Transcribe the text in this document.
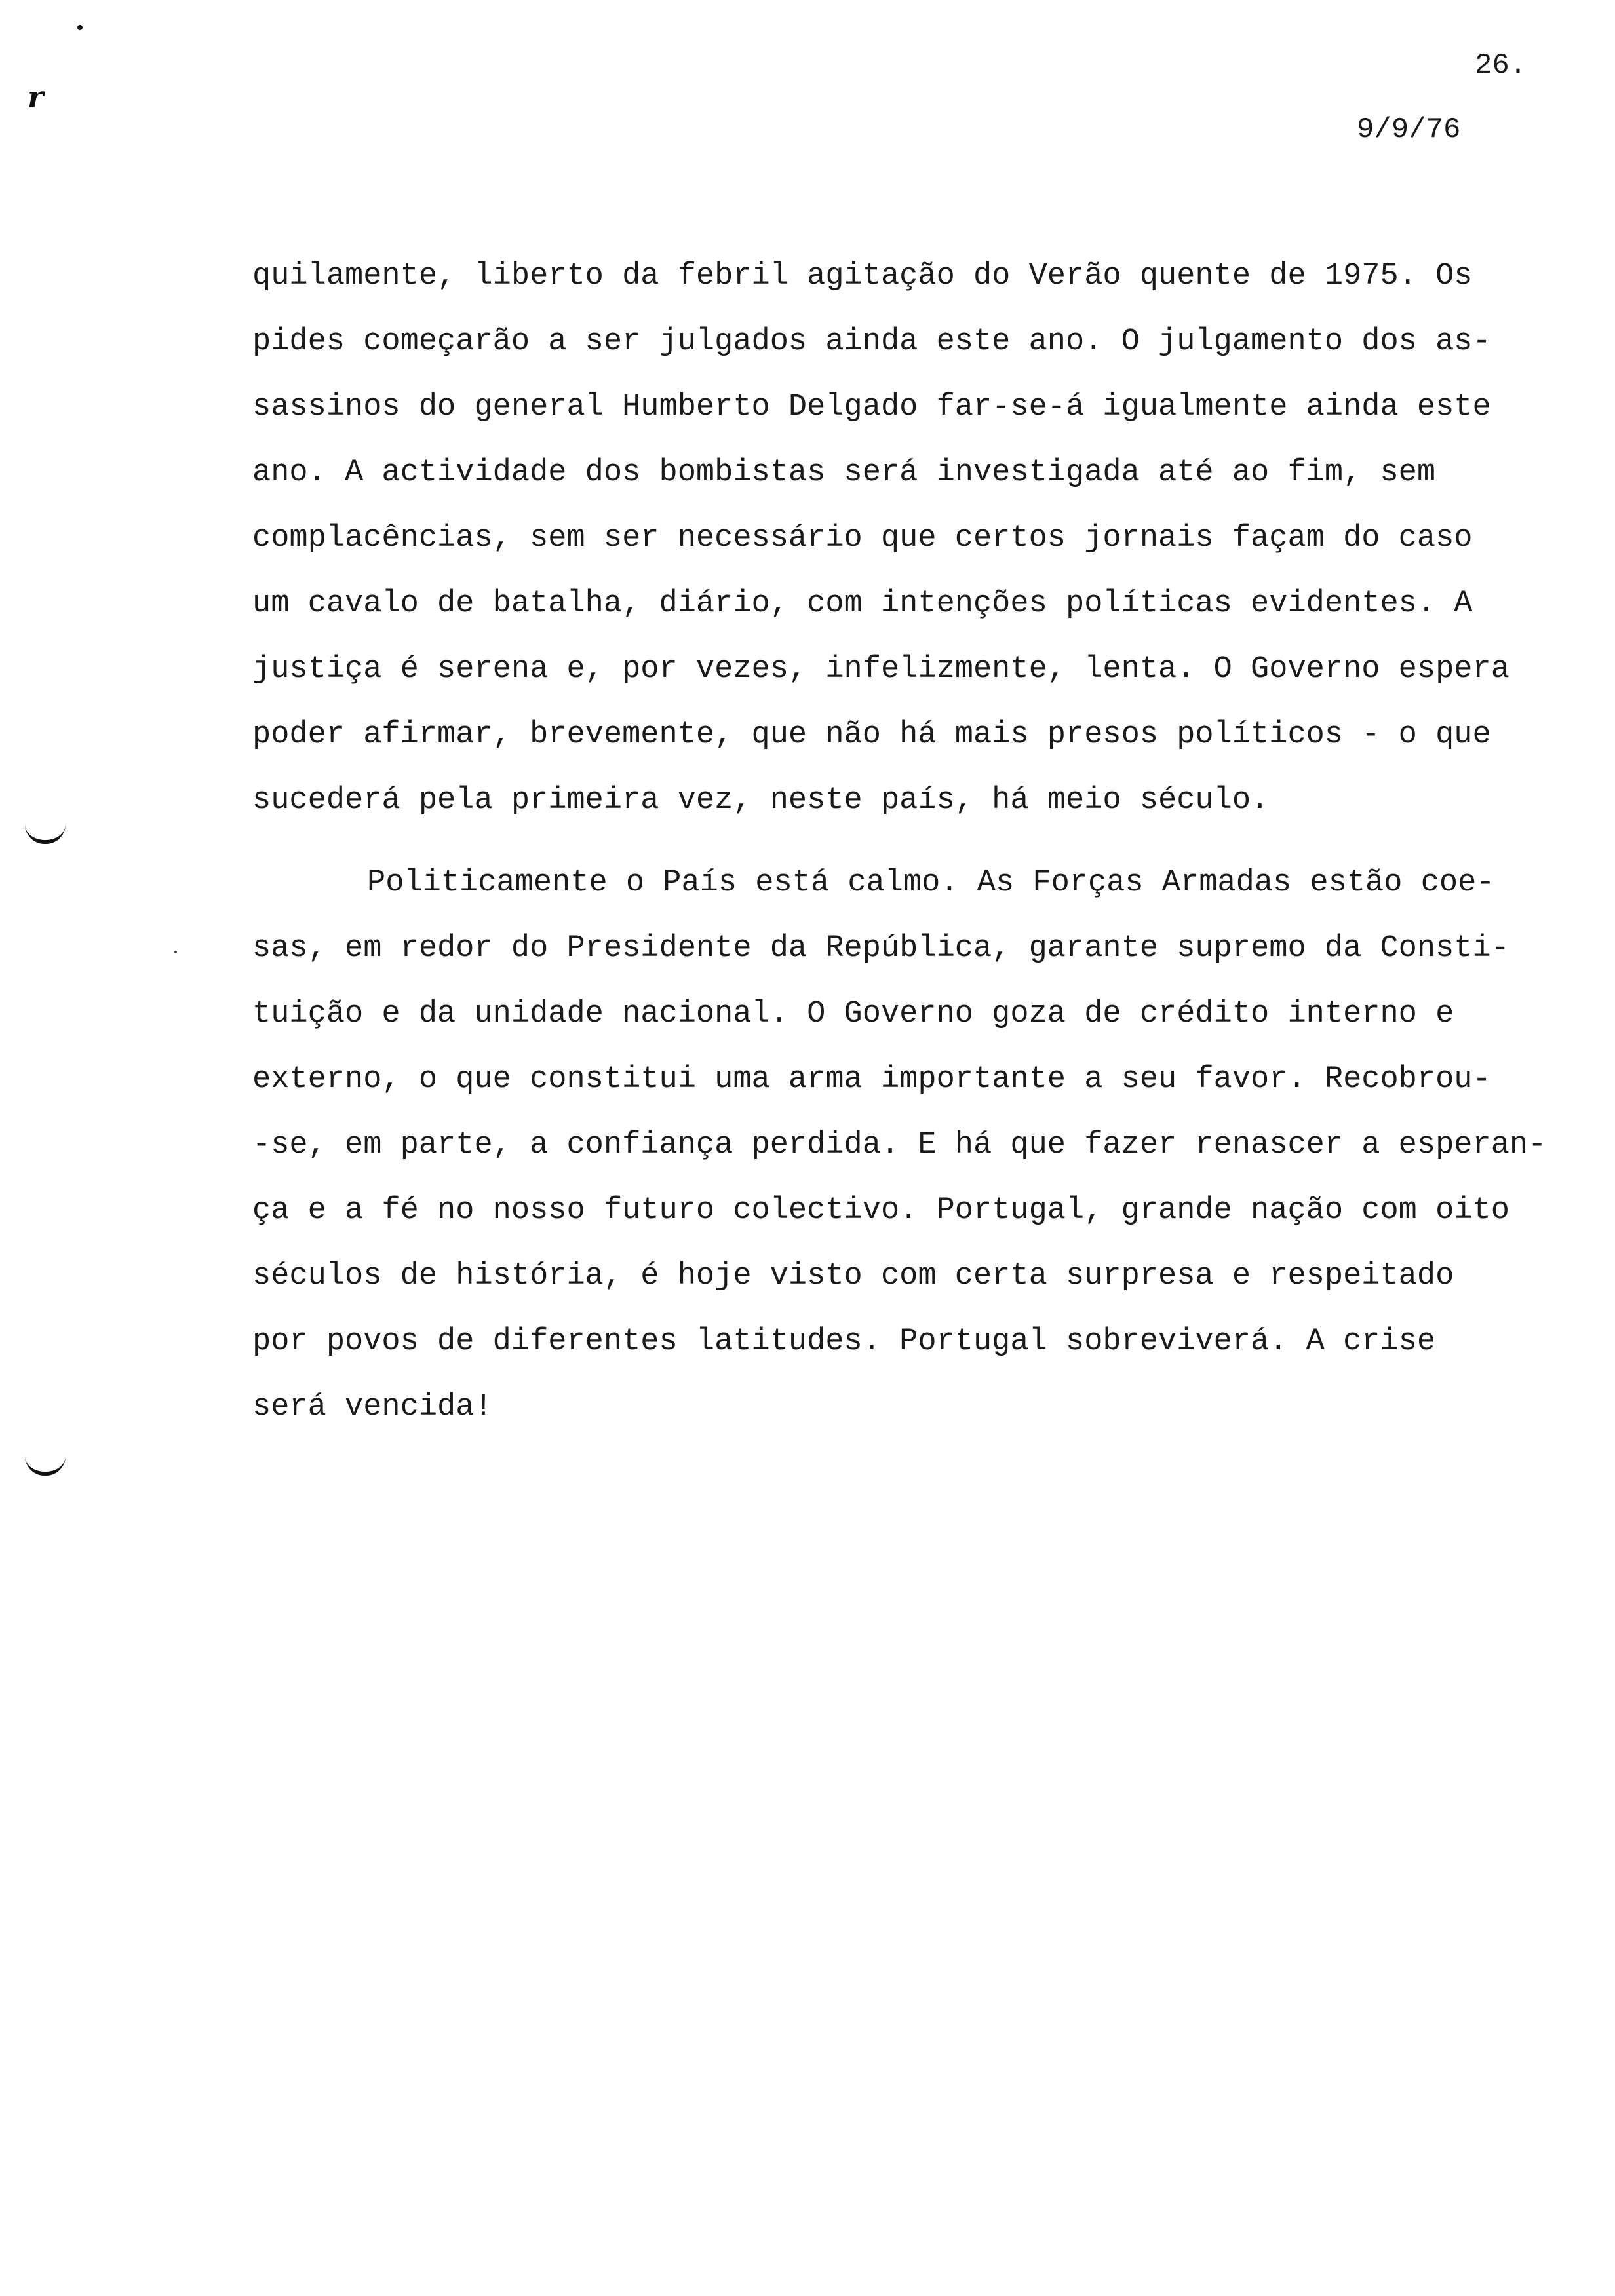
r
26.
9/9/76
quilamente, liberto da febril agitação do Verão quente de 1975. Os
pides começarão a ser julgados ainda este ano. O julgamento dos as-
sassinos do general Humberto Delgado far-se-á igualmente ainda este
ano. A actividade dos bombistas será investigada até ao fim, sem
complacências, sem ser necessário que certos jornais façam do caso
um cavalo de batalha, diário, com intenções políticas evidentes. A
justiça é serena e, por vezes, infelizmente, lenta. O Governo espera
poder afirmar, brevemente, que não há mais presos políticos - o que
sucederá pela primeira vez, neste país, há meio século.
Politicamente o País está calmo. As Forças Armadas estão coe-
sas, em redor do Presidente da República, garante supremo da Consti-
tuição e da unidade nacional. O Governo goza de crédito interno e
externo, o que constitui uma arma importante a seu favor. Recobrou-
-se, em parte, a confiança perdida. E há que fazer renascer a esperan-
ça e a fé no nosso futuro colectivo. Portugal, grande nação com oito
séculos de história, é hoje visto com certa surpresa e respeitado
por povos de diferentes latitudes. Portugal sobreviverá. A crise
será vencida!
